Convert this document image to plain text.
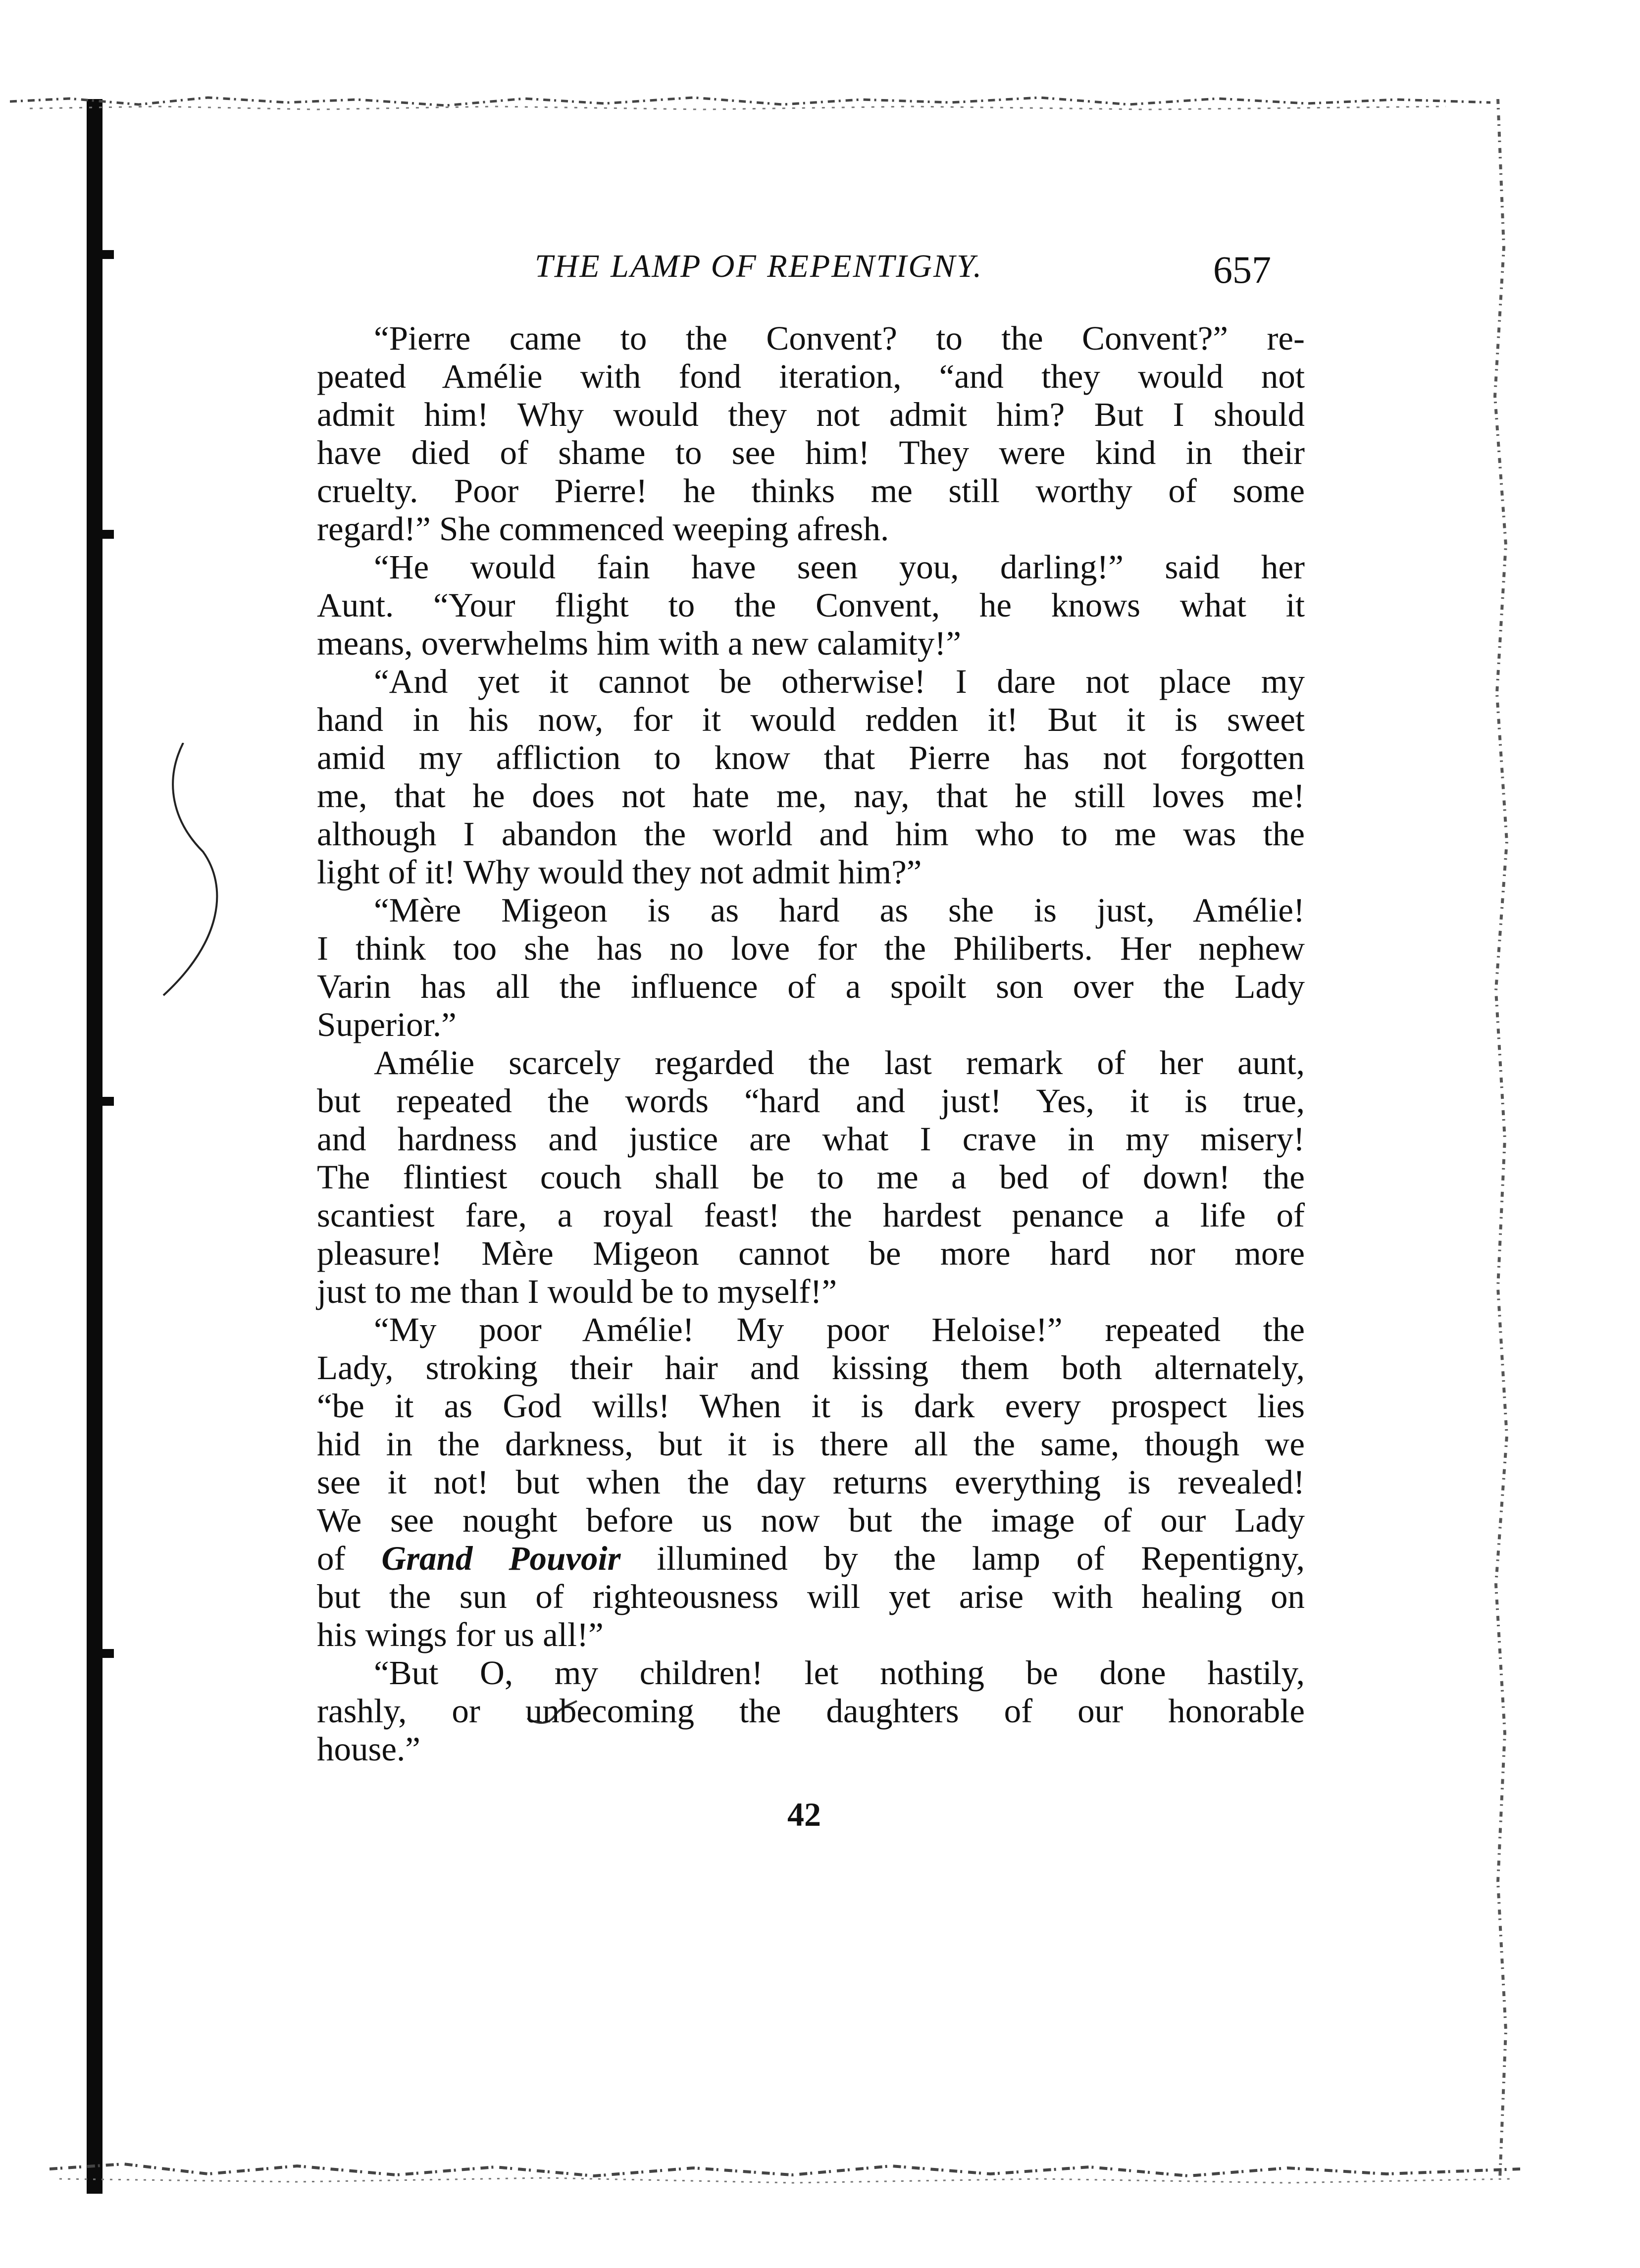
THE LAMP OF REPENTIGNY.	657
“Pierre came to the Convent? to the Convent?” re-
peated Amélie with fond iteration, “and they would not
admit him! Why would they not admit him? But I should
have died of shame to see him! They were kind in their
cruelty. Poor Pierre! he thinks me still worthy of some
regard!” She commenced weeping afresh.
“He would fain have seen you, darling!” said her
Aunt. “Your flight to the Convent, he knows what it
means, overwhelms him with a new calamity!”
“And yet it cannot be otherwise! I dare not place my
hand in his now, for it would redden it! But it is sweet
amid my affliction to know that Pierre has not forgotten
me, that he does not hate me, nay, that he still loves me!
although I abandon the world and him who to me was the
light of it! Why would they not admit him?”
“Mère Migeon is as hard as she is just, Amélie!
I think too she has no love for the Philiberts. Her nephew
Varin has all the influence of a spoilt son over the Lady
Superior.”
Amélie scarcely regarded the last remark of her aunt,
but repeated the words “hard and just! Yes, it is true,
and hardness and justice are what I crave in my misery!
The flintiest couch shall be to me a bed of down! the
scantiest fare, a royal feast! the hardest penance a life of
pleasure! Mère Migeon cannot be more hard nor more
just to me than I would be to myself!”
“My poor Amélie! My poor Heloise!” repeated the
Lady, stroking their hair and kissing them both alternately,
“be it as God wills! When it is dark every prospect lies
hid in the darkness, but it is there all the same, though we
see it not! but when the day returns everything is revealed!
We see nought before us now but the image of our Lady
of Grand Pouvoir illumined by the lamp of Repentigny,
but the sun of righteousness will yet arise with healing on
his wings for us all!”
“But O, my children! let nothing be done hastily,
rashly, or unbecoming the daughters of our honorable
house.”
42
